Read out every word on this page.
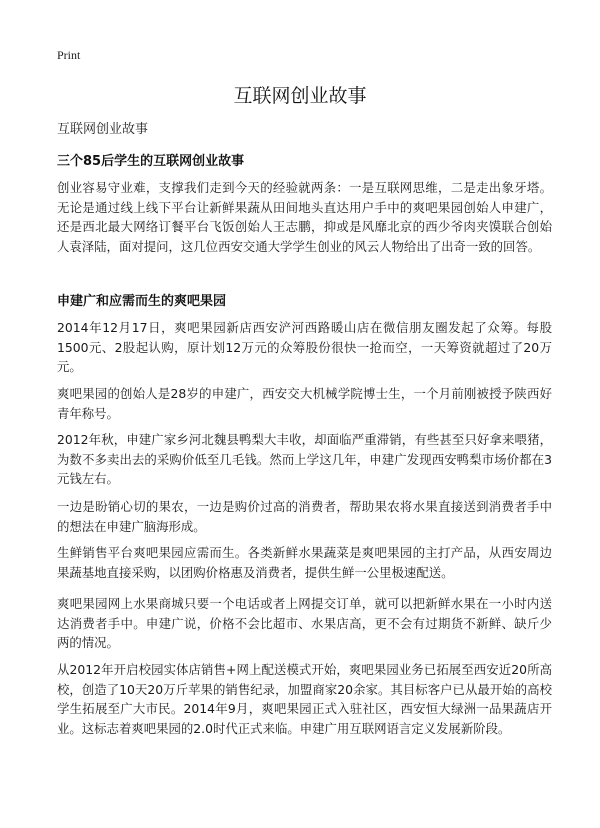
Print
互联网创业故事
互联网创业故事
三个85后学生的互联网创业故事

创业容易守业难，支撑我们走到今天的经验就两条：一是互联网思维，二是走出象牙塔。无论是通过线上线下平台让新鲜果蔬从田间地头直达用户手中的爽吧果园创始人申建广，还是西北最大网络订餐平台飞饭创始人王志鹏，抑或是风靡北京的西少爷肉夹馍联合创始人袁泽陆，面对提问，这几位西安交通大学学生创业的风云人物给出了出奇一致的回答。

申建广和应需而生的爽吧果园

2014年12月17日，爽吧果园新店西安浐河西路暖山店在微信朋友圈发起了众筹。每股1500元、2股起认购，原计划12万元的众筹股份很快一抢而空，一天筹资就超过了20万元。

爽吧果园的创始人是28岁的申建广，西安交大机械学院博士生，一个月前刚被授予陕西好青年称号。

2012年秋，申建广家乡河北魏县鸭梨大丰收，却面临严重滞销，有些甚至只好拿来喂猪，为数不多卖出去的采购价低至几毛钱。然而上学这几年，申建广发现西安鸭梨市场价都在3元钱左右。

一边是盼销心切的果农，一边是购价过高的消费者，帮助果农将水果直接送到消费者手中的想法在申建广脑海形成。

生鲜销售平台爽吧果园应需而生。各类新鲜水果蔬菜是爽吧果园的主打产品，从西安周边果蔬基地直接采购，以团购价格惠及消费者，提供生鲜一公里极速配送。

爽吧果园网上水果商城只要一个电话或者上网提交订单，就可以把新鲜水果在一小时内送达消费者手中。申建广说，价格不会比超市、水果店高，更不会有过期货不新鲜、缺斤少两的情况。

从2012年开启校园实体店销售+网上配送模式开始，爽吧果园业务已拓展至西安近20所高校，创造了10天20万斤苹果的销售纪录，加盟商家20余家。其目标客户已从最开始的高校学生拓展至广大市民。2014年9月，爽吧果园正式入驻社区，西安恒大绿洲一品果蔬店开业。这标志着爽吧果园的2.0时代正式来临。申建广用互联网语言定义发展新阶段。
